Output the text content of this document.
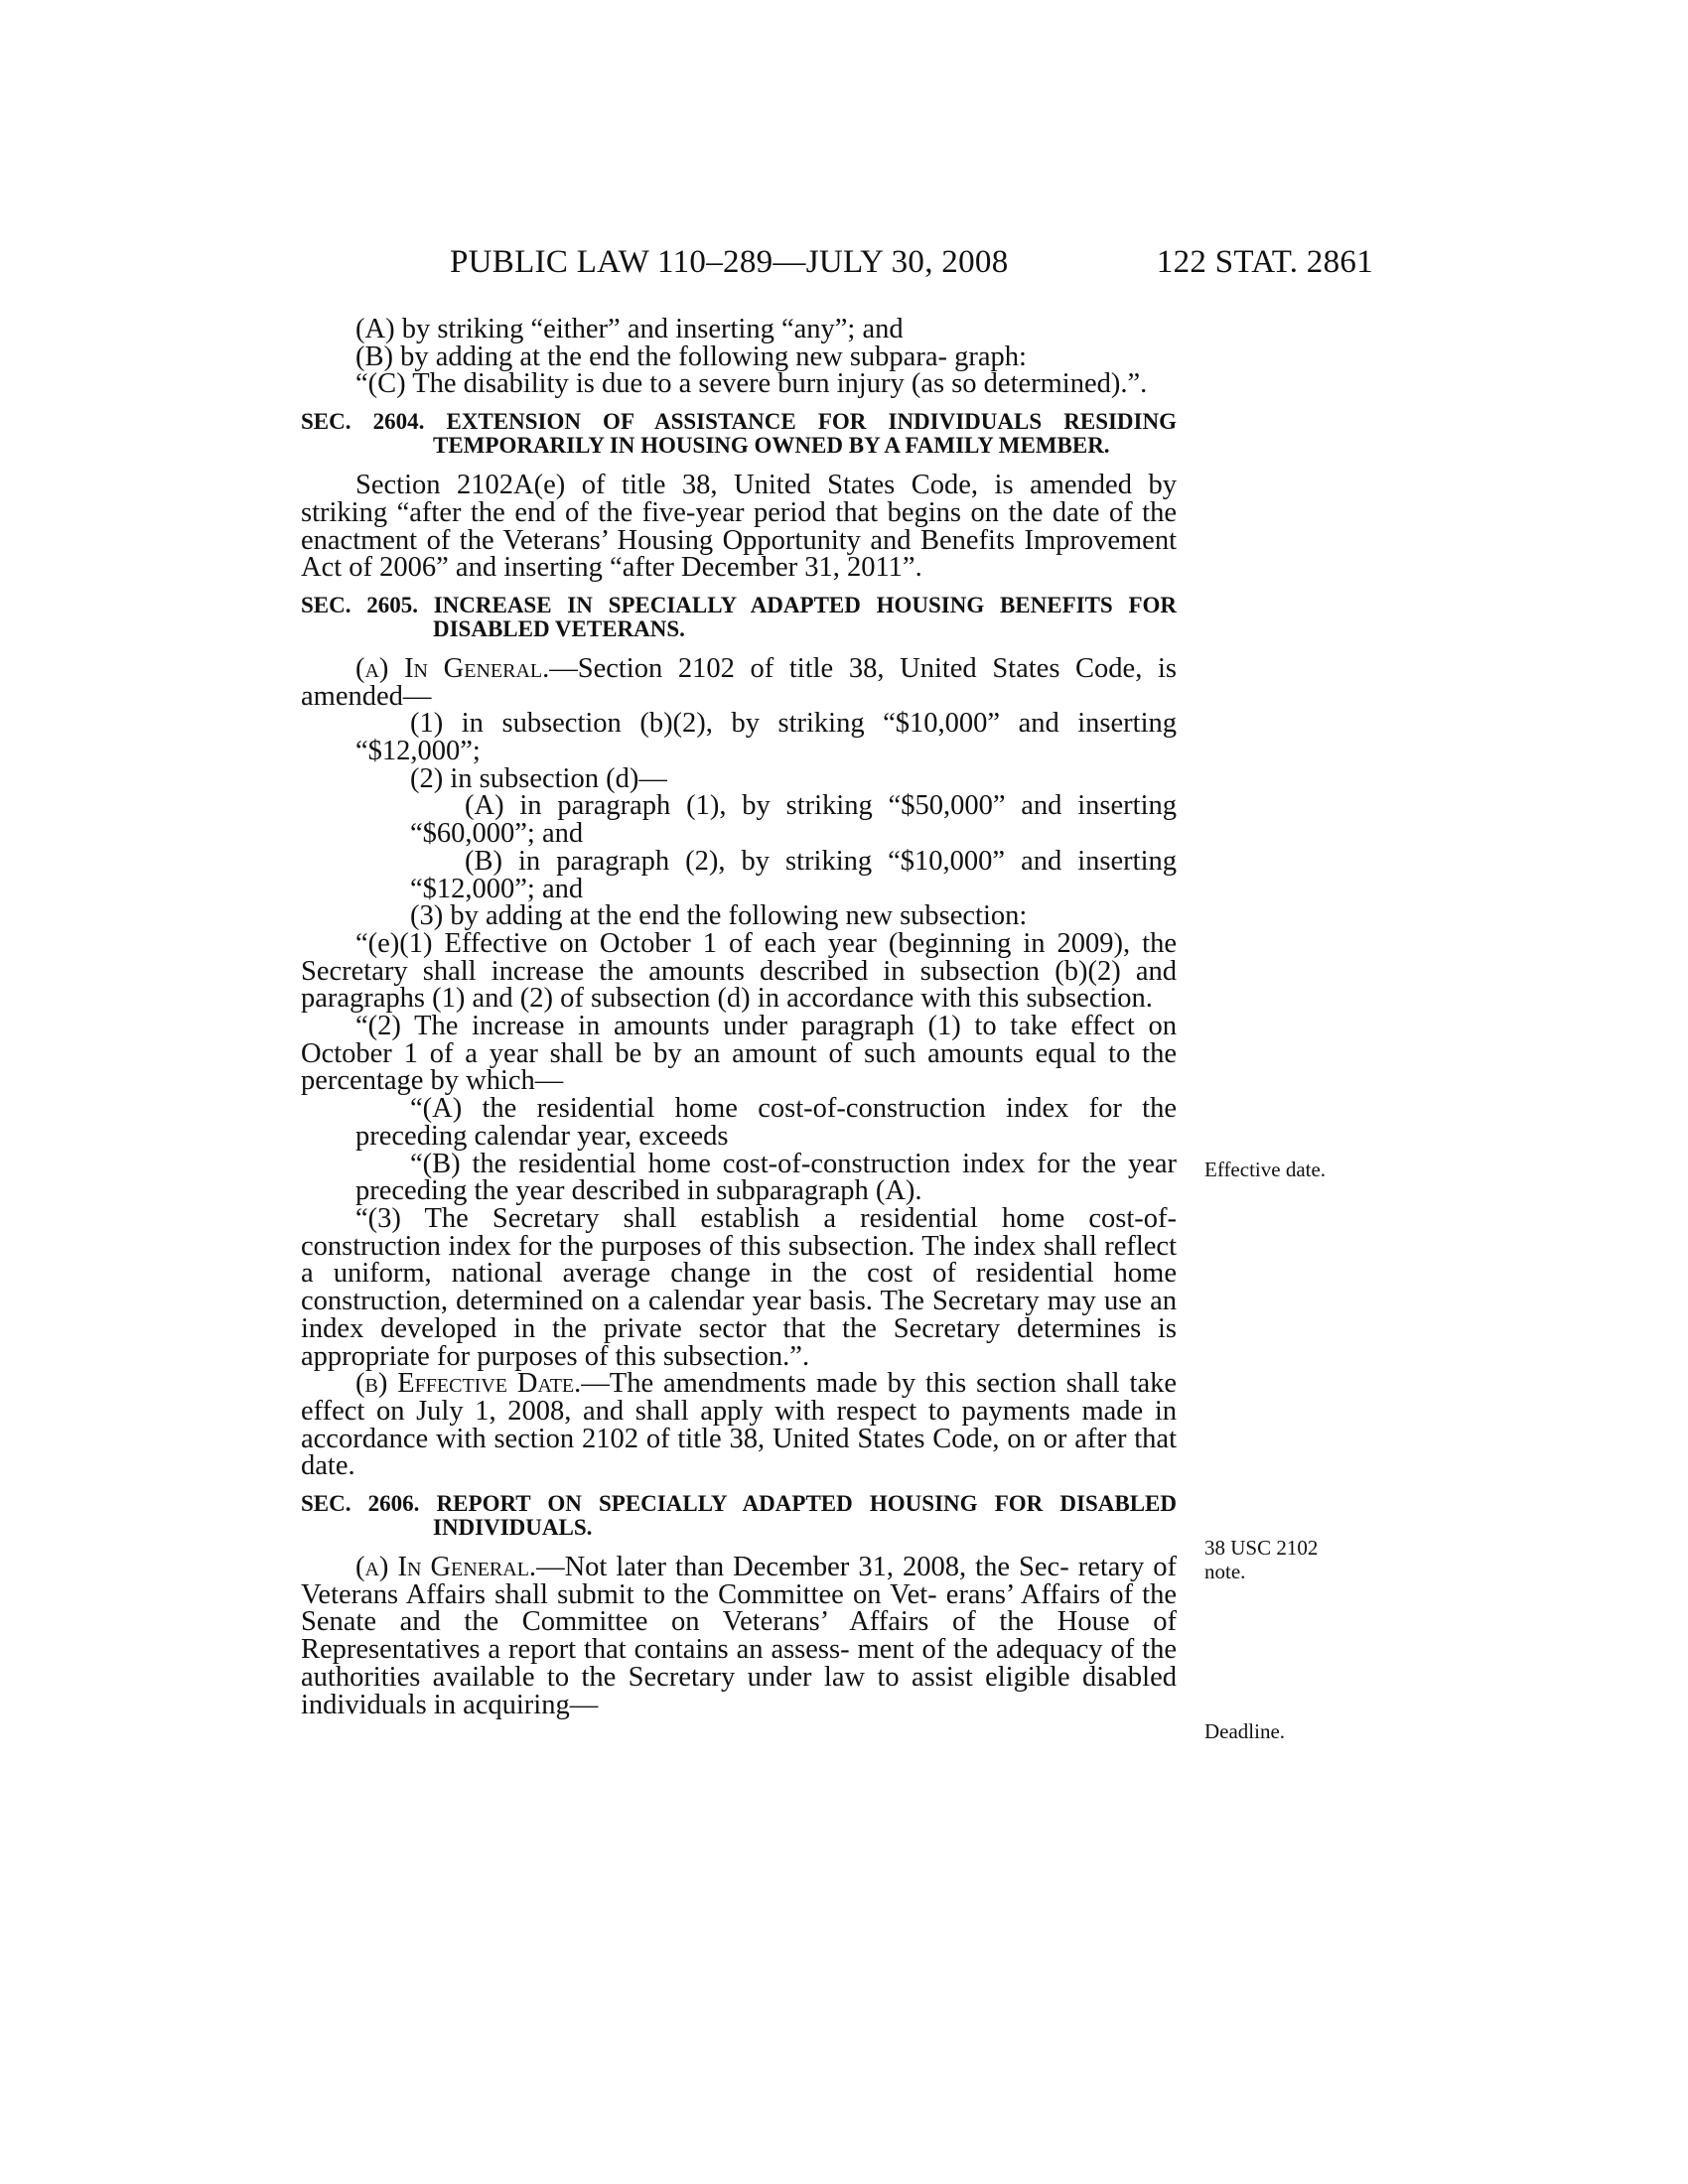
PUBLIC LAW 110–289—JULY 30, 2008	122 STAT. 2861

(A) by striking “either” and inserting “any”; and

(B) by adding at the end the following new subpara- graph:

“(C) The disability is due to a severe burn injury (as so determined).”.

SEC. 2604. EXTENSION OF ASSISTANCE FOR INDIVIDUALS RESIDING TEMPORARILY IN HOUSING OWNED BY A FAMILY MEMBER.

Section 2102A(e) of title 38, United States Code, is amended by striking “after the end of the five-year period that begins on the date of the enactment of the Veterans’ Housing Opportunity and Benefits Improvement Act of 2006” and inserting “after December 31, 2011”.

SEC. 2605. INCREASE IN SPECIALLY ADAPTED HOUSING BENEFITS FOR DISABLED VETERANS.

(a) In General.—Section 2102 of title 38, United States Code, is amended—

(1) in subsection (b)(2), by striking “$10,000” and inserting “$12,000”;

(2) in subsection (d)—

(A) in paragraph (1), by striking “$50,000” and inserting “$60,000”; and

(B) in paragraph (2), by striking “$10,000” and inserting “$12,000”; and

(3) by adding at the end the following new subsection:

“(e)(1) Effective on October 1 of each year (beginning in 2009), the Secretary shall increase the amounts described in subsection (b)(2) and paragraphs (1) and (2) of subsection (d) in accordance with this subsection.

“(2) The increase in amounts under paragraph (1) to take effect on October 1 of a year shall be by an amount of such amounts equal to the percentage by which—

“(A) the residential home cost-of-construction index for the preceding calendar year, exceeds

“(B) the residential home cost-of-construction index for the year preceding the year described in subparagraph (A).

“(3) The Secretary shall establish a residential home cost-of- construction index for the purposes of this subsection. The index shall reflect a uniform, national average change in the cost of residential home construction, determined on a calendar year basis. The Secretary may use an index developed in the private sector that the Secretary determines is appropriate for purposes of this subsection.”.

(b) Effective Date.—The amendments made by this section shall take effect on July 1, 2008, and shall apply with respect to payments made in accordance with section 2102 of title 38, United States Code, on or after that date.

SEC. 2606. REPORT ON SPECIALLY ADAPTED HOUSING FOR DISABLED INDIVIDUALS.

(a) In General.—Not later than December 31, 2008, the Sec- retary of Veterans Affairs shall submit to the Committee on Vet- erans’ Affairs of the Senate and the Committee on Veterans’ Affairs of the House of Representatives a report that contains an assess- ment of the adequacy of the authorities available to the Secretary under law to assist eligible disabled individuals in acquiring—

Effective date.
38 USC 2102
note.
Deadline.
